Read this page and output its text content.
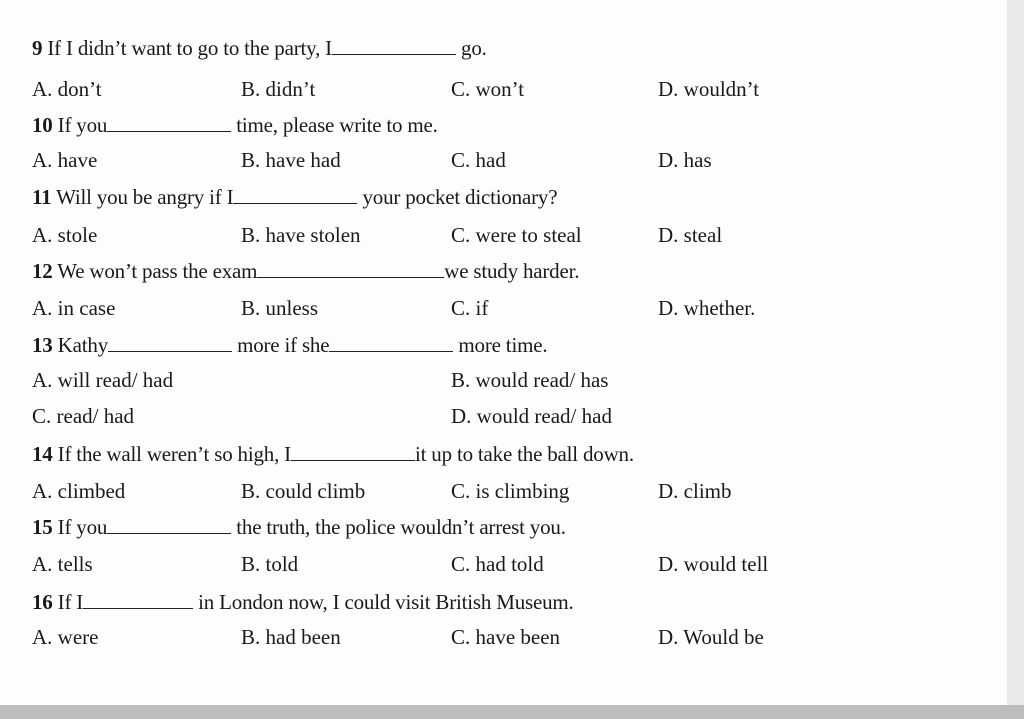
9 If I didn’t want to go to the party, I	go.
A. don’t	B. didn’t	C. won’t	D. wouldn’t
10 If you	time, please write to me.
A. have	B. have had	C. had	D. has
11 Will you be angry if I	your pocket dictionary?
A. stole	B. have stolen	C. were to steal	D. steal
12 We won’t pass the exam	we study harder.
A. in case	B. unless	C. if	D. whether.
13 Kathy	more if she	more time.
A. will read/ had	B. would read/ has
C. read/ had	D. would read/ had
14 If the wall weren’t so high, I	it up to take the ball down.
A. climbed	B. could climb	C. is climbing	D. climb
15 If you	the truth, the police wouldn’t arrest you.
A. tells	B. told	C. had told	D. would tell
16 If I	in London now, I could visit British Museum.
A. were	B. had been	C. have been	D. Would be
